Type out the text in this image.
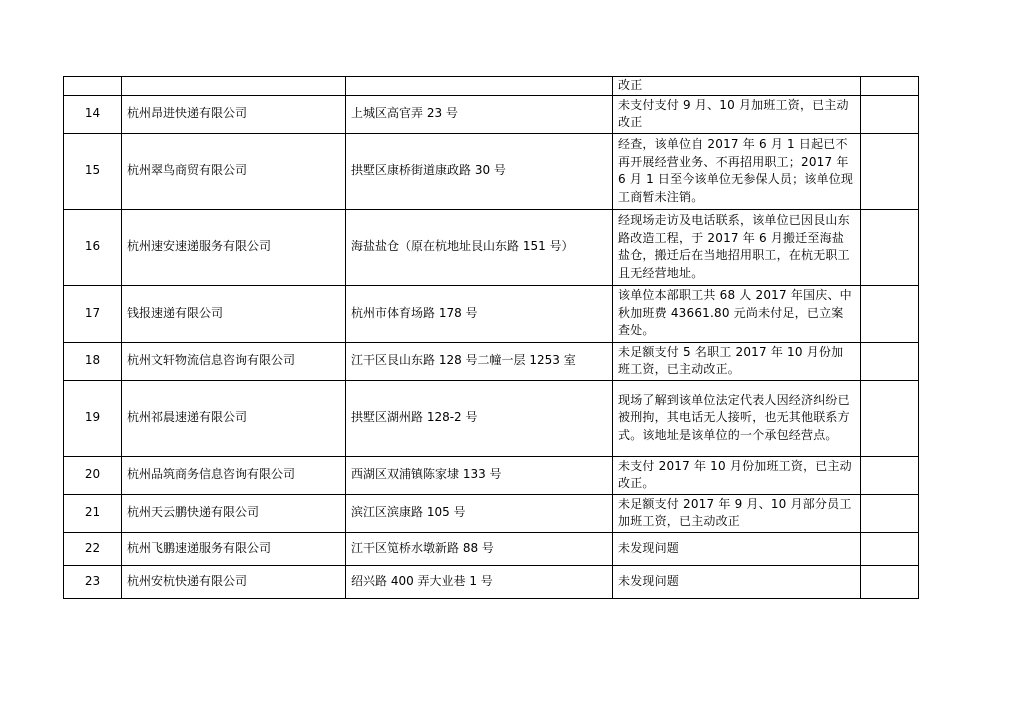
			改正	
14	杭州昂进快递有限公司	上城区高官弄 23 号	未支付支付 9 月、10 月加班工资，已主动改正	
15	杭州翠鸟商贸有限公司	拱墅区康桥街道康政路 30 号	经查，该单位自 2017 年 6 月 1 日起已不再开展经营业务、不再招用职工；2017 年 6 月 1 日至今该单位无参保人员；该单位现工商暂未注销。	
16	杭州速安速递服务有限公司	海盐盐仓（原在杭地址艮山东路 151 号）	经现场走访及电话联系，该单位已因艮山东路改造工程，于 2017 年 6 月搬迁至海盐盐仓，搬迁后在当地招用职工，在杭无职工且无经营地址。	
17	钱报速递有限公司	杭州市体育场路 178 号	该单位本部职工共 68 人 2017 年国庆、中秋加班费 43661.80 元尚未付足，已立案查处。	
18	杭州文轩物流信息咨询有限公司	江干区艮山东路 128 号二幢一层 1253 室	未足额支付 5 名职工 2017 年 10 月份加班工资，已主动改正。	
19	杭州祁晨速递有限公司	拱墅区湖州路 128-2 号	现场了解到该单位法定代表人因经济纠纷已被刑拘，其电话无人接听，也无其他联系方式。该地址是该单位的一个承包经营点。	
20	杭州品筑商务信息咨询有限公司	西湖区双浦镇陈家埭 133 号	未支付 2017 年 10 月份加班工资，已主动改正。	
21	杭州天云鹏快递有限公司	滨江区滨康路 105 号	未足额支付 2017 年 9 月、10 月部分员工加班工资，已主动改正	
22	杭州飞鹏速递服务有限公司	江干区笕桥水墩新路 88 号	未发现问题	
23	杭州安杭快递有限公司	绍兴路 400 弄大业巷 1 号	未发现问题	
